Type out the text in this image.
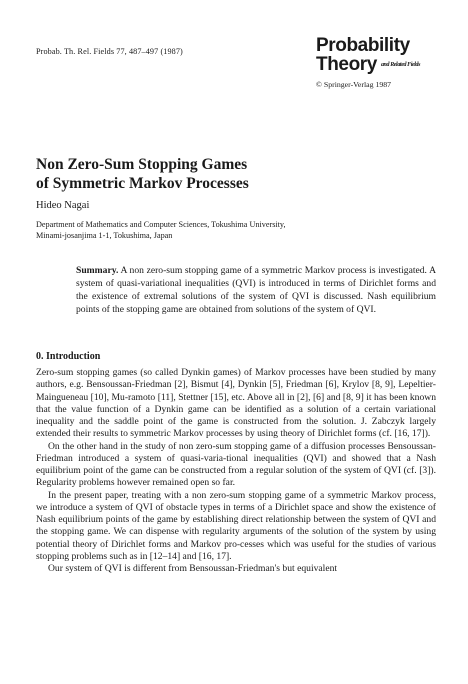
Probab. Th. Rel. Fields 77, 487–497 (1987)	Probability
Theory $^{and Related Fields}$
© Springer-Verlag 1987
Non Zero-Sum Stopping Games
of Symmetric Markov Processes
Hideo Nagai
Department of Mathematics and Computer Sciences, Tokushima University,
Minami-josanjima 1-1, Tokushima, Japan
Summary. A non zero-sum stopping game of a symmetric Markov process is investigated. A system of quasi-variational inequalities (QVI) is introduced in terms of Dirichlet forms and the existence of extremal solutions of the system of QVI is discussed. Nash equilibrium points of the stopping game are obtained from solutions of the system of QVI.
0. Introduction

Zero-sum stopping games (so called Dynkin games) of Markov processes have been studied by many authors, e.g. Bensoussan-Friedman [2], Bismut [4], Dynkin [5], Friedman [6], Krylov [8, 9], Lepeltier-Maingueneau [10], Mu-ramoto [11], Stettner [15], etc. Above all in [2], [6] and [8, 9] it has been known that the value function of a Dynkin game can be identified as a solution of a certain variational inequality and the saddle point of the game is constructed from the solution. J. Zabczyk largely extended their results to symmetric Markov processes by using theory of Dirichlet forms (cf. [16, 17]).

On the other hand in the study of non zero-sum stopping game of a diffusion processes Bensoussan-Friedman introduced a system of quasi-varia-tional inequalities (QVI) and showed that a Nash equilibrium point of the game can be constructed from a regular solution of the system of QVI (cf. [3]). Regularity problems however remained open so far.

In the present paper, treating with a non zero-sum stopping game of a symmetric Markov process, we introduce a system of QVI of obstacle types in terms of a Dirichlet space and show the existence of Nash equilibrium points of the game by establishing direct relationship between the system of QVI and the stopping game. We can dispense with regularity arguments of the solution of the system by using potential theory of Dirichlet forms and Markov pro-cesses which was useful for the studies of various stopping problems such as in [12–14] and [16, 17].

Our system of QVI is different from Bensoussan-Friedman's but equivalent
